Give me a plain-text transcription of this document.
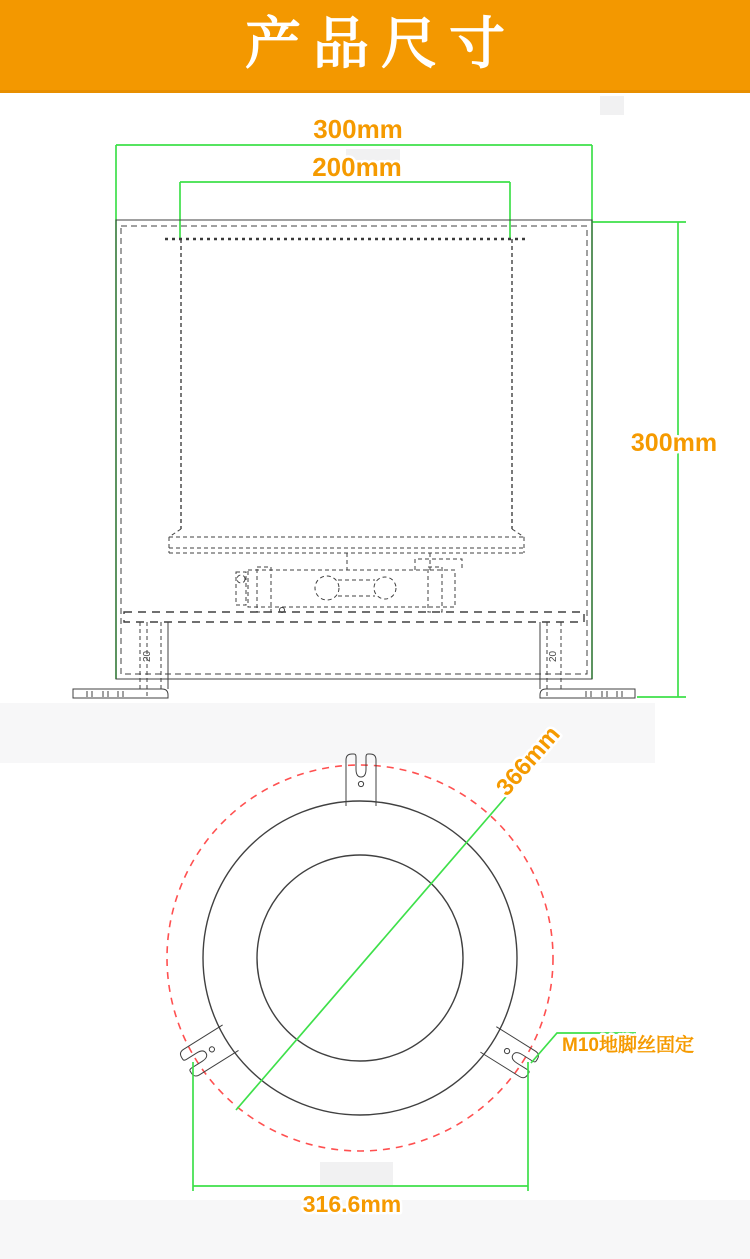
产品尺寸
20	20
300mm
200mm
300mm
366mm
316.6mm
M10地脚丝固定
